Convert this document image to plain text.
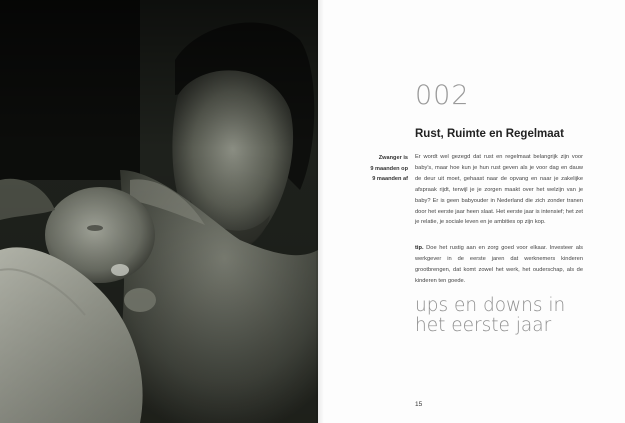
002
Rust, Ruimte en Regelmaat
Zwanger is
9 maanden op
9 maanden af

Er wordt wel gezegd dat rust en regelmaat belangrijk zijn voor baby's, maar hoe kun je hun rust geven als je voor dag en dauw de deur uit moet, gehaast naar de opvang en naar je zakelijke afspraak rijdt, terwijl je je zorgen maakt over het welzijn van je baby? Er is geen babyouder in Nederland die zich zonder tranen door het eerste jaar heen slaat. Het eerste jaar is intensief; het zet je relatie, je sociale leven en je ambities op zijn kop.

tip. Doe het rustig aan en zorg goed voor elkaar. Investeer als werkgever in de eerste jaren dat werknemers kinderen grootbrengen, dat komt zowel het werk, het ouderschap, als de kinderen ten goede.

ups en downs in
het eerste jaar

15
